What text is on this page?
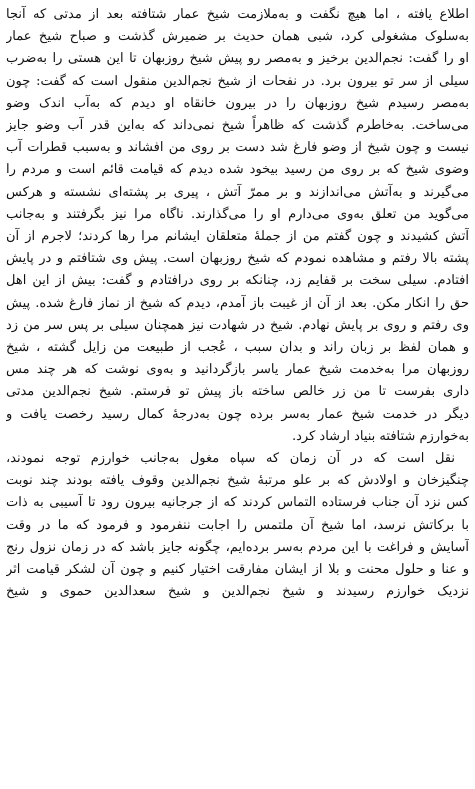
اطلاع یافته ، اما هیچ نگفت و به‌ملازمت شیخ عمار شتافته بعد از مدتی که آنجا
به‌سلوک مشغولی کرد، شبی همان حدیث بر ضمیرش گذشت و صباح شیخ عمار
او را گفت: نجم‌الدین برخیز و به‌مصر رو پیش شیخ روزبهان تا این هستی را به‌ضرب
سیلی از سر تو بیرون برد. در نفحات از شیخ نجم‌الدین منقول است که گفت: چون
به‌مصر رسیدم شیخ روزبهان را در بیرون خانقاه او دیدم که به‌آب اندک وضو
می‌ساخت. به‌خاطرم گذشت که ظاهراً شیخ نمی‌داند که به‌این قدر آب وضو جایز
نیست و چون شیخ از وضو فارغ شد دست بر روی من افشاند و به‌سبب قطرات آب
وضوی شیخ که بر روی من رسید بیخود شده دیدم که قیامت قائم است و مردم را
می‌گیرند و به‌آتش می‌اندازند و بر ممرّ آتش ، پیری بر پشته‌ای نشسته و هرکس
می‌گوید من تعلق به‌وی می‌دارم او را می‌گذارند. ناگاه مرا نیز بگرفتند و به‌جانب
آتش کشیدند و چون گفتم من از جملهٔ متعلقان ایشانم مرا رها کردند؛ لاجرم از آن
پشته بالا رفتم و مشاهده نمودم که شیخ روزبهان است. پیش وی شتافتم و در پایش
افتادم. سیلی سخت بر قفایم زد، چنانکه بر روی درافتادم و گفت: بیش از این اهل
حق را انکار مکن. بعد از آن از غیبت باز آمدم، دیدم که شیخ از نماز فارغ شده. پیش
وی رفتم و روی بر پایش نهادم. شیخ در شهادت نیز همچنان سیلی بر پس سر من زد
و همان لفظ بر زبان راند و بدان سبب ، عُجب از طبیعت من زایل گشته ، شیخ
روزبهان مرا به‌خدمت شیخ عمار یاسر بازگردانید و به‌وی نوشت که هر چند مس
داری بفرست تا من زر خالص ساخته باز پیش تو فرستم. شیخ نجم‌الدین مدتی
دیگر در خدمت شیخ عمار به‌سر برده چون به‌درجهٔ کمال رسید رخصت یافت و
به‌خوارزم شتافته بنیاد ارشاد کرد.

نقل است که در آن زمان که سپاه مغول به‌جانب خوارزم توجه نمودند،
چنگیزخان و اولادش که بر علو مرتبهٔ شیخ نجم‌الدین وقوف یافته بودند چند نوبت
کس نزد آن جناب فرستاده التماس کردند که از جرجانیه بیرون رود تا آسیبی به ذات
با برکاتش نرسد، اما شیخ آن ملتمس را اجابت ننفرمود و فرمود که ما در وقت
آسایش و فراغت با این مردم به‌سر برده‌ایم، چگونه جایز باشد که در زمان نزول رنج
و عنا و حلول محنت و بلا از ایشان مفارقت اختیار کنیم و چون آن لشکر قیامت اثر
نزدیک خوارزم رسیدند و شیخ نجم‌الدین و شیخ سعدالدین حموی و شیخ
